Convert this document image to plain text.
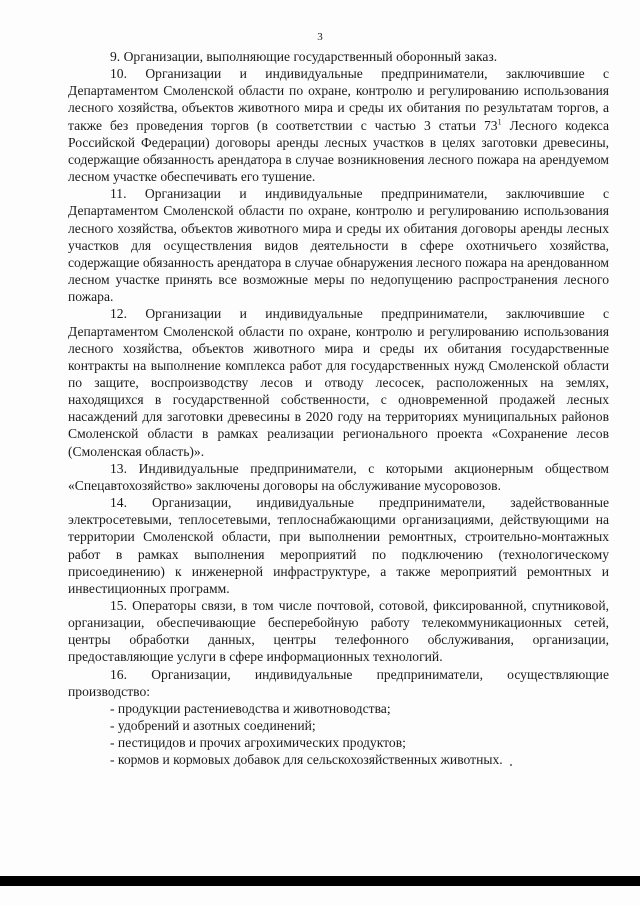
3

9. Организации, выполняющие государственный оборонный заказ.

10. Организации и индивидуальные предприниматели, заключившие с Департаментом Смоленской области по охране, контролю и регулированию использования лесного хозяйства, объектов животного мира и среды их обитания по результатам торгов, а также без проведения торгов (в соответствии с частью 3 статьи $73^1$ Лесного кодекса Российской Федерации) договоры аренды лесных участков в целях заготовки древесины, содержащие обязанность арендатора в случае возникновения лесного пожара на арендуемом лесном участке обеспечивать его тушение.

11. Организации и индивидуальные предприниматели, заключившие с Департаментом Смоленской области по охране, контролю и регулированию использования лесного хозяйства, объектов животного мира и среды их обитания договоры аренды лесных участков для осуществления видов деятельности в сфере охотничьего хозяйства, содержащие обязанность арендатора в случае обнаружения лесного пожара на арендованном лесном участке принять все возможные меры по недопущению распространения лесного пожара.

12. Организации и индивидуальные предприниматели, заключившие с Департаментом Смоленской области по охране, контролю и регулированию использования лесного хозяйства, объектов животного мира и среды их обитания государственные контракты на выполнение комплекса работ для государственных нужд Смоленской области по защите, воспроизводству лесов и отводу лесосек, расположенных на землях, находящихся в государственной собственности, с одновременной продажей лесных насаждений для заготовки древесины в 2020 году на территориях муниципальных районов Смоленской области в рамках реализации регионального проекта «Сохранение лесов (Смоленская область)».

13. Индивидуальные предприниматели, с которыми акционерным обществом «Спецавтохозяйство» заключены договоры на обслуживание мусоровозов.

14. Организации, индивидуальные предприниматели, задействованные электросетевыми, теплосетевыми, теплоснабжающими организациями, действующими на территории Смоленской области, при выполнении ремонтных, строительно-монтажных работ в рамках выполнения мероприятий по подключению (технологическому присоединению) к инженерной инфраструктуре, а также мероприятий ремонтных и инвестиционных программ.

15. Операторы связи, в том числе почтовой, сотовой, фиксированной, спутниковой, организации, обеспечивающие бесперебойную работу телекоммуникационных сетей, центры обработки данных, центры телефонного обслуживания, организации, предоставляющие услуги в сфере информационных технологий.

16. Организации, индивидуальные предприниматели, осуществляющие производство:

- продукции растениеводства и животноводства;
- удобрений и азотных соединений;
- пестицидов и прочих агрохимических продуктов;
- кормов и кормовых добавок для сельскохозяйственных животных.
